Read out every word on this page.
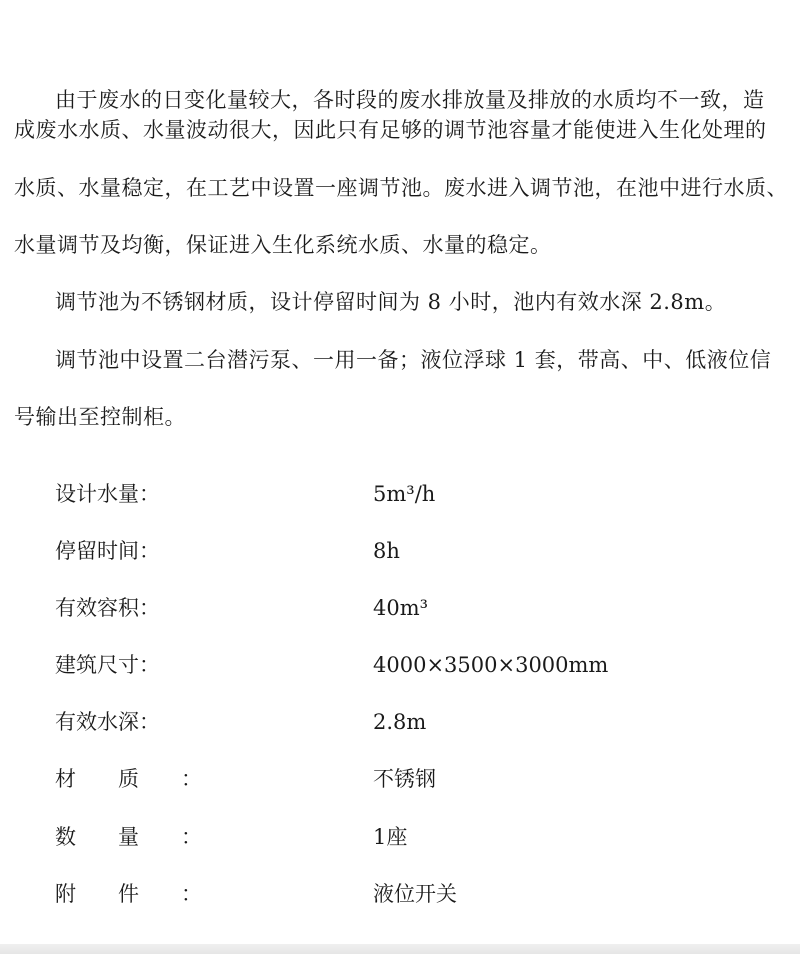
由于废水的日变化量较大，各时段的废水排放量及排放的水质均不一致，造
成废水水质、水量波动很大，因此只有足够的调节池容量才能使进入生化处理的
水质、水量稳定，在工艺中设置一座调节池。废水进入调节池，在池中进行水质、
水量调节及均衡，保证进入生化系统水质、水量的稳定。
调节池为不锈钢材质，设计停留时间为 8 小时，池内有效水深 2.8m。
调节池中设置二台潜污泵、一用一备；液位浮球 1 套，带高、中、低液位信
号输出至控制柜。
设计水量：	5m³/h
停留时间：	8h
有效容积：	40m³
建筑尺寸：	4000×3500×3000mm
有效水深：	2.8m
材质：	不锈钢
数量：	1座
附件：	液位开关
